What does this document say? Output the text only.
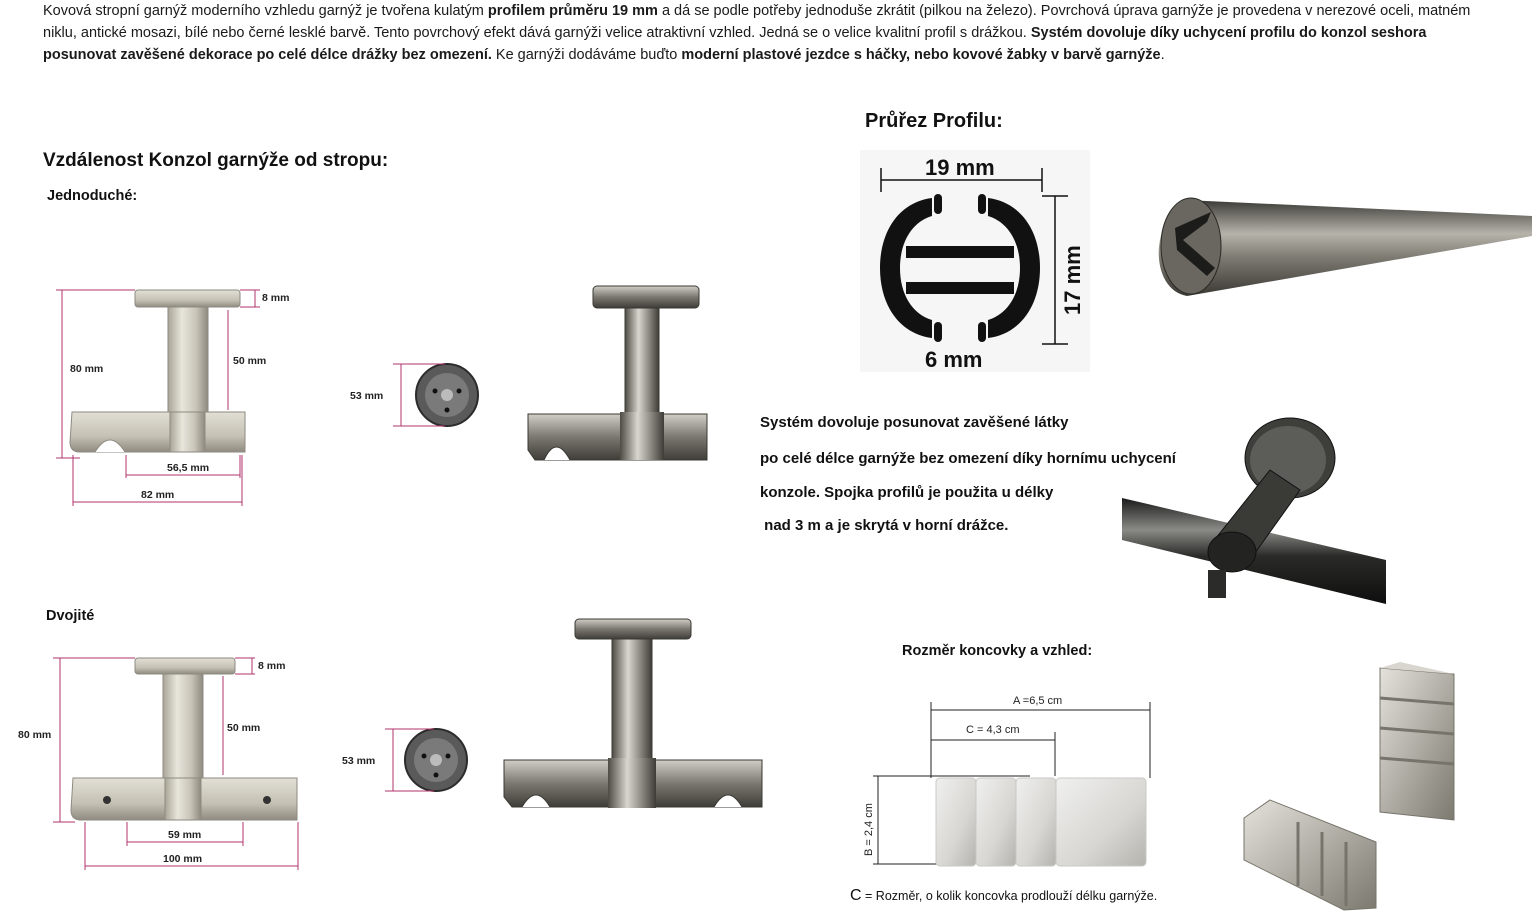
Kovová stropní garnýž moderního vzhledu garnýž je tvořena kulatým profilem průměru 19 mm a dá se podle potřeby jednoduše zkrátit (pilkou na železo). Povrchová úprava garnýže je provedena v nerezové oceli, matném niklu, antické mosazi, bílé nebo černé lesklé barvě. Tento povrchový efekt dává garnýži velice atraktivní vzhled. Jedná se o velice kvalitní profil s drážkou. Systém dovoluje díky uchycení profilu do konzol seshora posunovat zavěšené dekorace po celé délce drážky bez omezení. Ke garnýži dodáváme buďto moderní plastové jezdce s háčky, nebo kovové žabky v barvě garnýže.

Vzdálenost Konzol garnýže od stropu:
Jednoduché:
Dvojité
Průřez Profilu:
Systém dovoluje posunovat zavěšené látky
po celé délce garnýže bez omezení díky hornímu uchycení
konzole. Spojka profilů je použita u délky
nad 3 m a je skrytá v horní drážce.
Rozměr koncovky a vzhled:
8 mm
80 mm
50 mm
56,5 mm
82 mm
53 mm
8 mm
80 mm
50 mm
59 mm
100 mm
53 mm
19 mm
6 mm
17 mm
A =6,5 cm
C = 4,3 cm
B = 2,4 cm
C = Rozměr, o kolik koncovka prodlouží délku garnýže.
